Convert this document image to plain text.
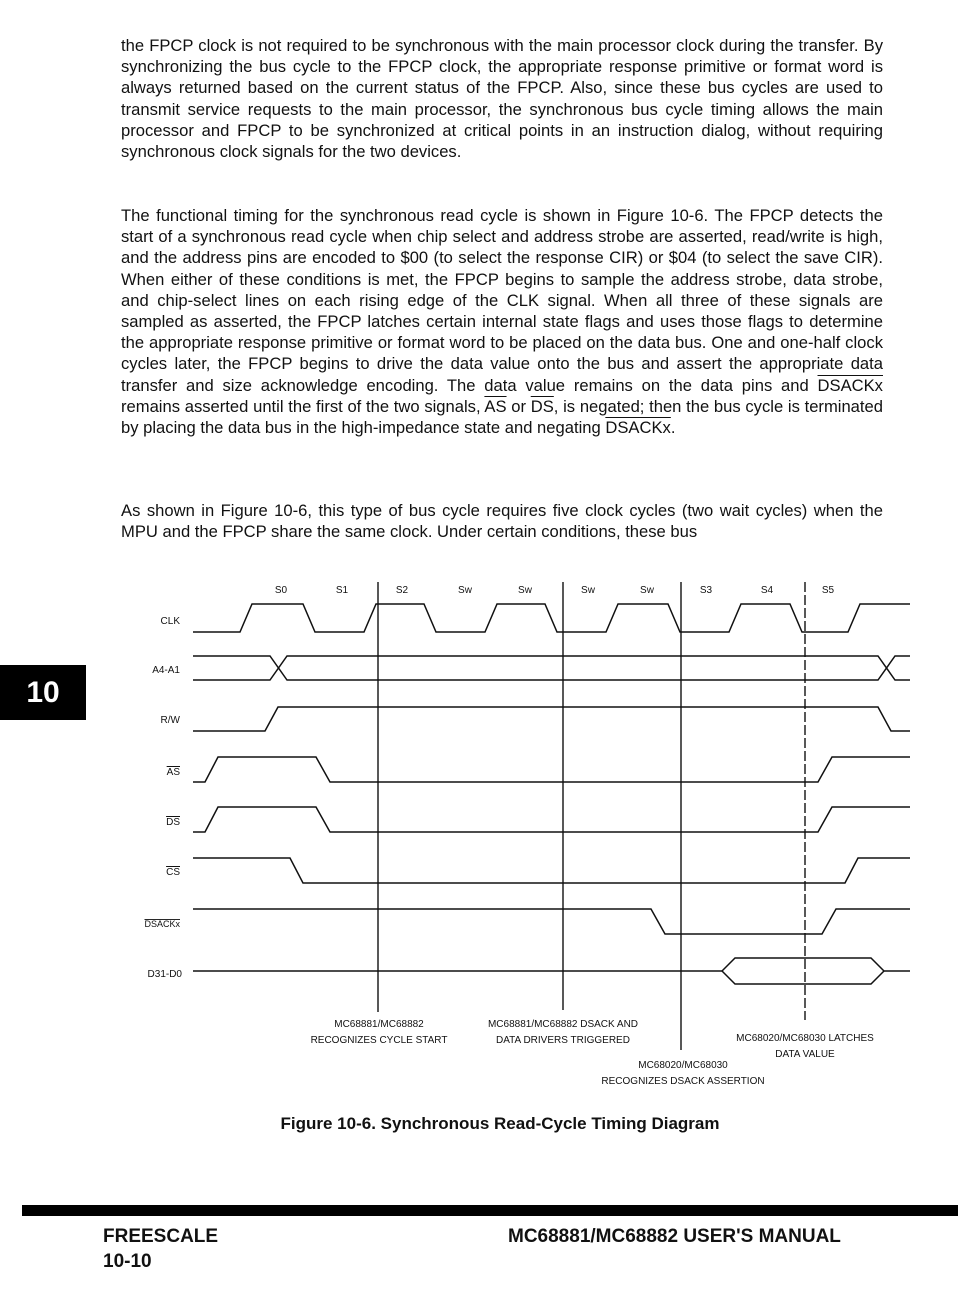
the FPCP clock is not required to be synchronous with the main processor clock during the transfer. By synchronizing the bus cycle to the FPCP clock, the appropriate response primitive or format word is always returned based on the current status of the FPCP. Also, since these bus cycles are used to transmit service requests to the main processor, the synchronous bus cycle timing allows the main processor and FPCP to be synchronized at critical points in an instruction dialog, without requiring synchronous clock signals for the two devices.

The functional timing for the synchronous read cycle is shown in Figure 10-6. The FPCP detects the start of a synchronous read cycle when chip select and address strobe are asserted, read/write is high, and the address pins are encoded to $00 (to select the response CIR) or $04 (to select the save CIR). When either of these conditions is met, the FPCP begins to sample the address strobe, data strobe, and chip-select lines on each rising edge of the CLK signal. When all three of these signals are sampled as asserted, the FPCP latches certain internal state flags and uses those flags to determine the appropriate response primitive or format word to be placed on the data bus. One and one-half clock cycles later, the FPCP begins to drive the data value onto the bus and assert the appropriate data transfer and size acknowledge encoding. The data value remains on the data pins and DSACKx remains asserted until the first of the two signals, $\overline{AS}$ or $\overline{DS}$, is negated; then the bus cycle is terminated by placing the data bus in the high-impedance state and negating DSACKx.

As shown in Figure 10-6, this type of bus cycle requires five clock cycles (two wait cycles) when the MPU and the FPCP share the same clock. Under certain conditions, these bus

10
S0	S1	S2	Sw	Sw	Sw	Sw	S3	S4	S5
CLK
A4-A1
R/W
AS
DS
CS
DSACKx
D31-D0
MC68881/MC68882
RECOGNIZES CYCLE START
MC68881/MC68882 DSACK AND
DATA DRIVERS TRIGGERED
MC68020/MC68030
RECOGNIZES DSACK ASSERTION
MC68020/MC68030 LATCHES
DATA VALUE
Figure 10-6. Synchronous Read-Cycle Timing Diagram
FREESCALE
10-10
MC68881/MC68882 USER'S MANUAL
